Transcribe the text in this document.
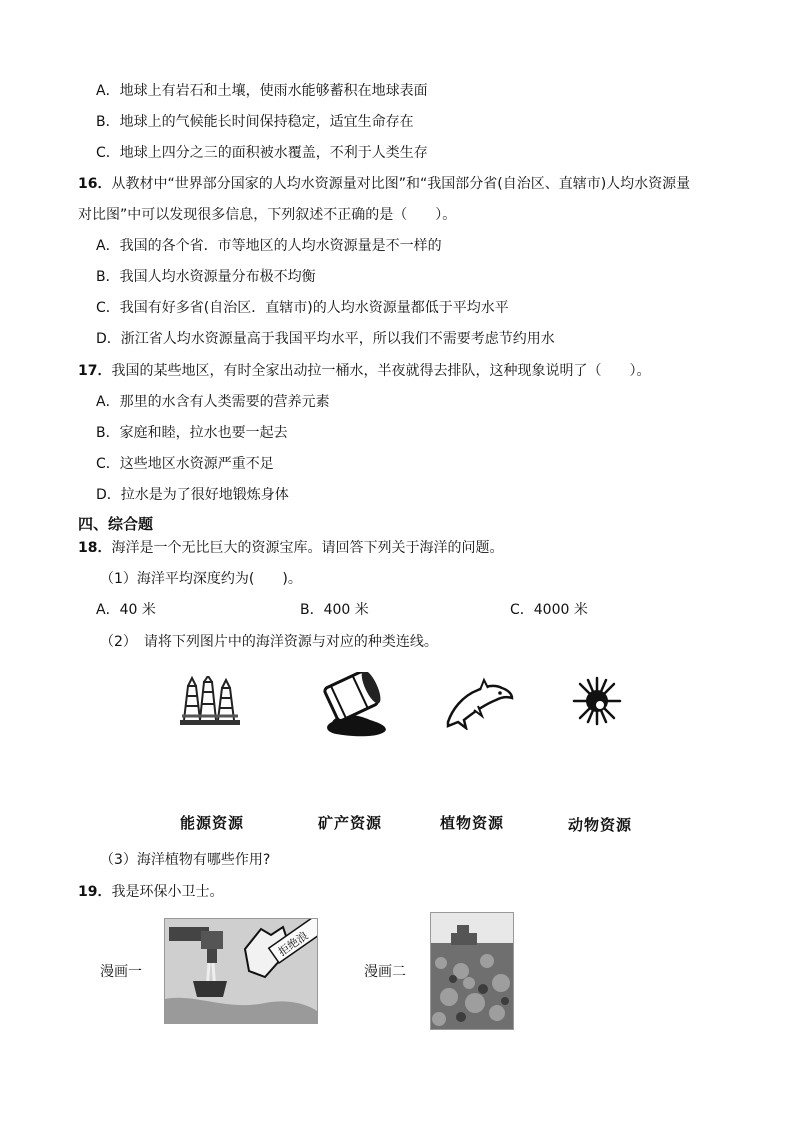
A．地球上有岩石和土壤，使雨水能够蓄积在地球表面
B．地球上的气候能长时间保持稳定，适宜生命存在
C．地球上四分之三的面积被水覆盖，不利于人类生存
16．从教材中“世界部分国家的人均水资源量对比图”和“我国部分省(自治区、直辖市)人均水资源量
对比图”中可以发现很多信息，下列叙述不正确的是（　　）。
A．我国的各个省．市等地区的人均水资源量是不一样的
B．我国人均水资源量分布极不均衡
C．我国有好多省(自治区．直辖市)的人均水资源量都低于平均水平
D．浙江省人均水资源量高于我国平均水平，所以我们不需要考虑节约用水
17．我国的某些地区，有时全家出动拉一桶水，半夜就得去排队，这种现象说明了（　　）。
A．那里的水含有人类需要的营养元素
B．家庭和睦，拉水也要一起去
C．这些地区水资源严重不足
D．拉水是为了很好地锻炼身体
四、综合题
18．海洋是一个无比巨大的资源宝库。请回答下列关于海洋的问题。
（1）海洋平均深度约为(　　)。
A．40 米	B．400 米	C．4000 米
（2）　请将下列图片中的海洋资源与对应的种类连线。
能源资源	矿产资源	植物资源	动物资源
（3）海洋植物有哪些作用?
19．我是环保小卫士。
漫画一
拒绝浪
漫画二
